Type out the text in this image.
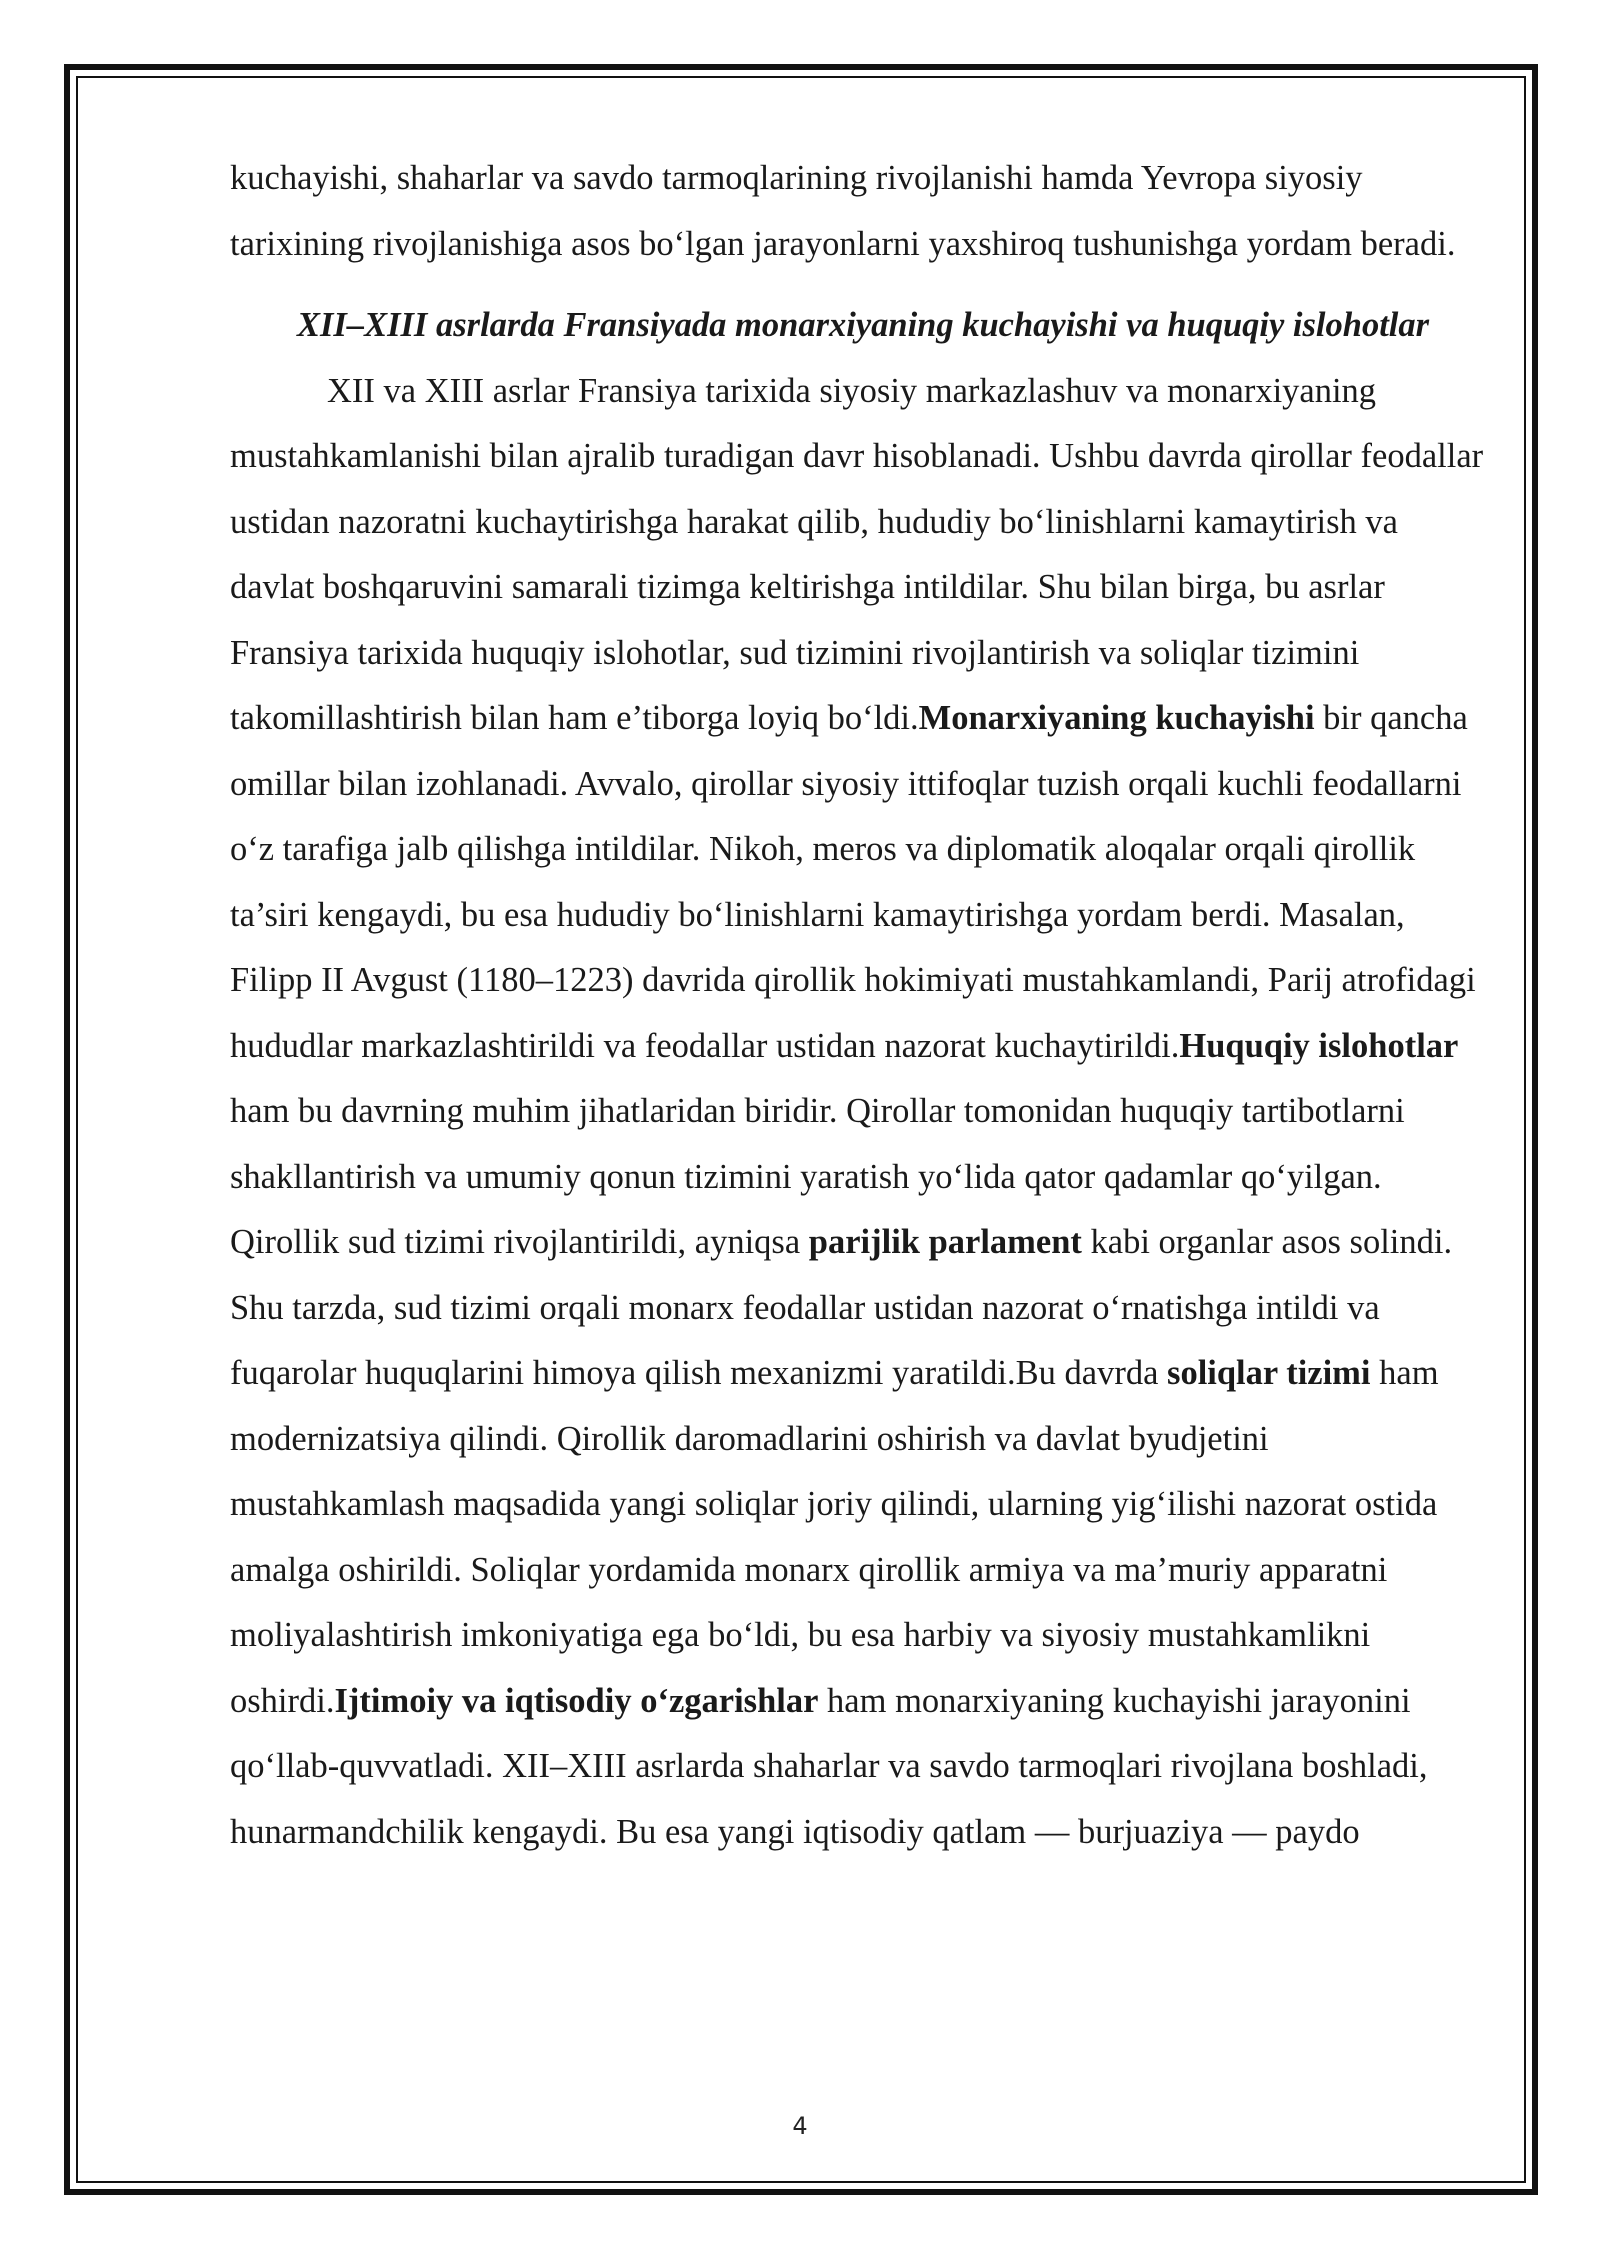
kuchayishi, shaharlar va savdo tarmoqlarining rivojlanishi hamda Yevropa siyosiy tarixining rivojlanishiga asos bo‘lgan jarayonlarni yaxshiroq tushunishga yordam beradi.

XII–XIII asrlarda Fransiyada monarxiyaning kuchayishi va huquqiy islohotlar

XII va XIII asrlar Fransiya tarixida siyosiy markazlashuv va monarxiyaning mustahkamlanishi bilan ajralib turadigan davr hisoblanadi. Ushbu davrda qirollar feodallar ustidan nazoratni kuchaytirishga harakat qilib, hududiy bo‘linishlarni kamaytirish va davlat boshqaruvini samarali tizimga keltirishga intildilar. Shu bilan birga, bu asrlar Fransiya tarixida huquqiy islohotlar, sud tizimini rivojlantirish va soliqlar tizimini takomillashtirish bilan ham e’tiborga loyiq bo‘ldi.Monarxiyaning kuchayishi bir qancha omillar bilan izohlanadi. Avvalo, qirollar siyosiy ittifoqlar tuzish orqali kuchli feodallarni o‘z tarafiga jalb qilishga intildilar. Nikoh, meros va diplomatik aloqalar orqali qirollik ta’siri kengaydi, bu esa hududiy bo‘linishlarni kamaytirishga yordam berdi. Masalan, Filipp II Avgust (1180–1223) davrida qirollik hokimiyati mustahkamlandi, Parij atrofidagi hududlar markazlashtirildi va feodallar ustidan nazorat kuchaytirildi.Huquqiy islohotlar ham bu davrning muhim jihatlaridan biridir. Qirollar tomonidan huquqiy tartibotlarni shakllantirish va umumiy qonun tizimini yaratish yo‘lida qator qadamlar qo‘yilgan. Qirollik sud tizimi rivojlantirildi, ayniqsa parijlik parlament kabi organlar asos solindi. Shu tarzda, sud tizimi orqali monarx feodallar ustidan nazorat o‘rnatishga intildi va fuqarolar huquqlarini himoya qilish mexanizmi yaratildi.Bu davrda soliqlar tizimi ham modernizatsiya qilindi. Qirollik daromadlarini oshirish va davlat byudjetini mustahkamlash maqsadida yangi soliqlar joriy qilindi, ularning yig‘ilishi nazorat ostida amalga oshirildi. Soliqlar yordamida monarx qirollik armiya va ma’muriy apparatni moliyalashtirish imkoniyatiga ega bo‘ldi, bu esa harbiy va siyosiy mustahkamlikni oshirdi.Ijtimoiy va iqtisodiy o‘zgarishlar ham monarxiyaning kuchayishi jarayonini qo‘llab-quvvatladi. XII–XIII asrlarda shaharlar va savdo tarmoqlari rivojlana boshladi, hunarmandchilik kengaydi. Bu esa yangi iqtisodiy qatlam — burjuaziya — paydo

4
